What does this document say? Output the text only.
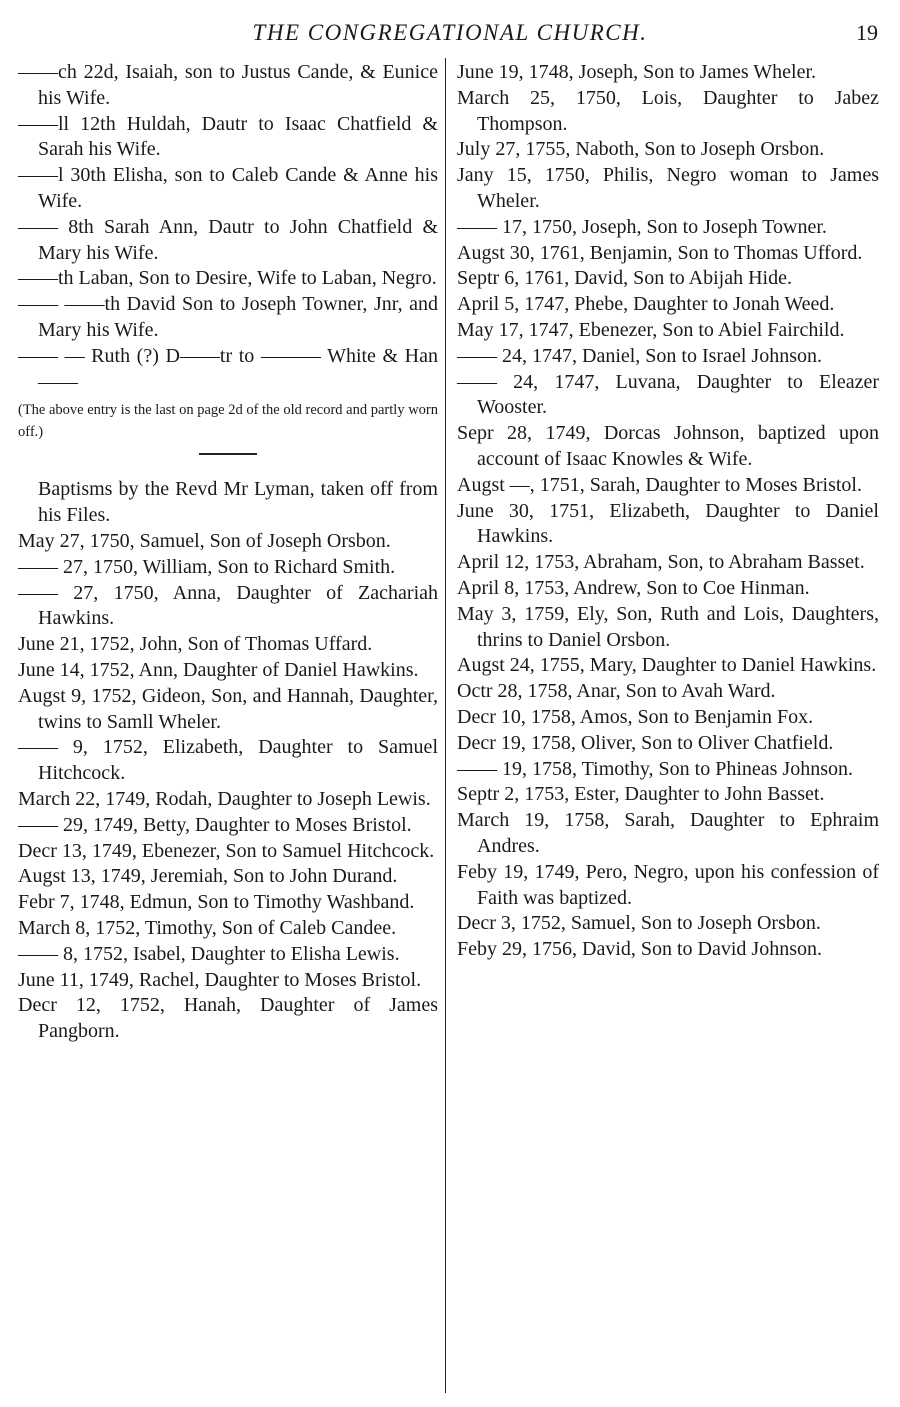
THE CONGREGATIONAL CHURCH.	19

——ch 22d, Isaiah, son to Justus Cande, & Eunice his Wife.

——ll 12th Huldah, Dautr to Isaac Chatfield & Sarah his Wife.

——l 30th Elisha, son to Caleb Cande & Anne his Wife.

—— 8th Sarah Ann, Dautr to John Chatfield & Mary his Wife.

——th Laban, Son to Desire, Wife to Laban, Negro.

—— ——th David Son to Joseph Towner, Jnr, and Mary his Wife.

—— — Ruth (?) D——tr to ——— White & Han——

(The above entry is the last on page 2d of the old record and partly worn off.)

Baptisms by the Revd Mr Lyman, taken off from his Files.

May 27, 1750, Samuel, Son of Joseph Orsbon.

—— 27, 1750, William, Son to Richard Smith.

—— 27, 1750, Anna, Daughter of Zachariah Hawkins.

June 21, 1752, John, Son of Thomas Uffard.

June 14, 1752, Ann, Daughter of Daniel Hawkins.

Augst 9, 1752, Gideon, Son, and Hannah, Daughter, twins to Samll Wheler.

—— 9, 1752, Elizabeth, Daughter to Samuel Hitchcock.

March 22, 1749, Rodah, Daughter to Joseph Lewis.

—— 29, 1749, Betty, Daughter to Moses Bristol.

Decr 13, 1749, Ebenezer, Son to Samuel Hitchcock.

Augst 13, 1749, Jeremiah, Son to John Durand.

Febr 7, 1748, Edmun, Son to Timothy Washband.

March 8, 1752, Timothy, Son of Caleb Candee.

—— 8, 1752, Isabel, Daughter to Elisha Lewis.

June 11, 1749, Rachel, Daughter to Moses Bristol.

Decr 12, 1752, Hanah, Daughter of James Pangborn.

June 19, 1748, Joseph, Son to James Wheler.

March 25, 1750, Lois, Daughter to Jabez Thompson.

July 27, 1755, Naboth, Son to Joseph Orsbon.

Jany 15, 1750, Philis, Negro woman to James Wheler.

—— 17, 1750, Joseph, Son to Joseph Towner.

Augst 30, 1761, Benjamin, Son to Thomas Ufford.

Septr 6, 1761, David, Son to Abijah Hide.

April 5, 1747, Phebe, Daughter to Jonah Weed.

May 17, 1747, Ebenezer, Son to Abiel Fairchild.

—— 24, 1747, Daniel, Son to Israel Johnson.

—— 24, 1747, Luvana, Daughter to Eleazer Wooster.

Sepr 28, 1749, Dorcas Johnson, baptized upon account of Isaac Knowles & Wife.

Augst —, 1751, Sarah, Daughter to Moses Bristol.

June 30, 1751, Elizabeth, Daughter to Daniel Hawkins.

April 12, 1753, Abraham, Son, to Abraham Basset.

April 8, 1753, Andrew, Son to Coe Hinman.

May 3, 1759, Ely, Son, Ruth and Lois, Daughters, thrins to Daniel Orsbon.

Augst 24, 1755, Mary, Daughter to Daniel Hawkins.

Octr 28, 1758, Anar, Son to Avah Ward.

Decr 10, 1758, Amos, Son to Benjamin Fox.

Decr 19, 1758, Oliver, Son to Oliver Chatfield.

—— 19, 1758, Timothy, Son to Phineas Johnson.

Septr 2, 1753, Ester, Daughter to John Basset.

March 19, 1758, Sarah, Daughter to Ephraim Andres.

Feby 19, 1749, Pero, Negro, upon his confession of Faith was baptized.

Decr 3, 1752, Samuel, Son to Joseph Orsbon.

Feby 29, 1756, David, Son to David Johnson.
